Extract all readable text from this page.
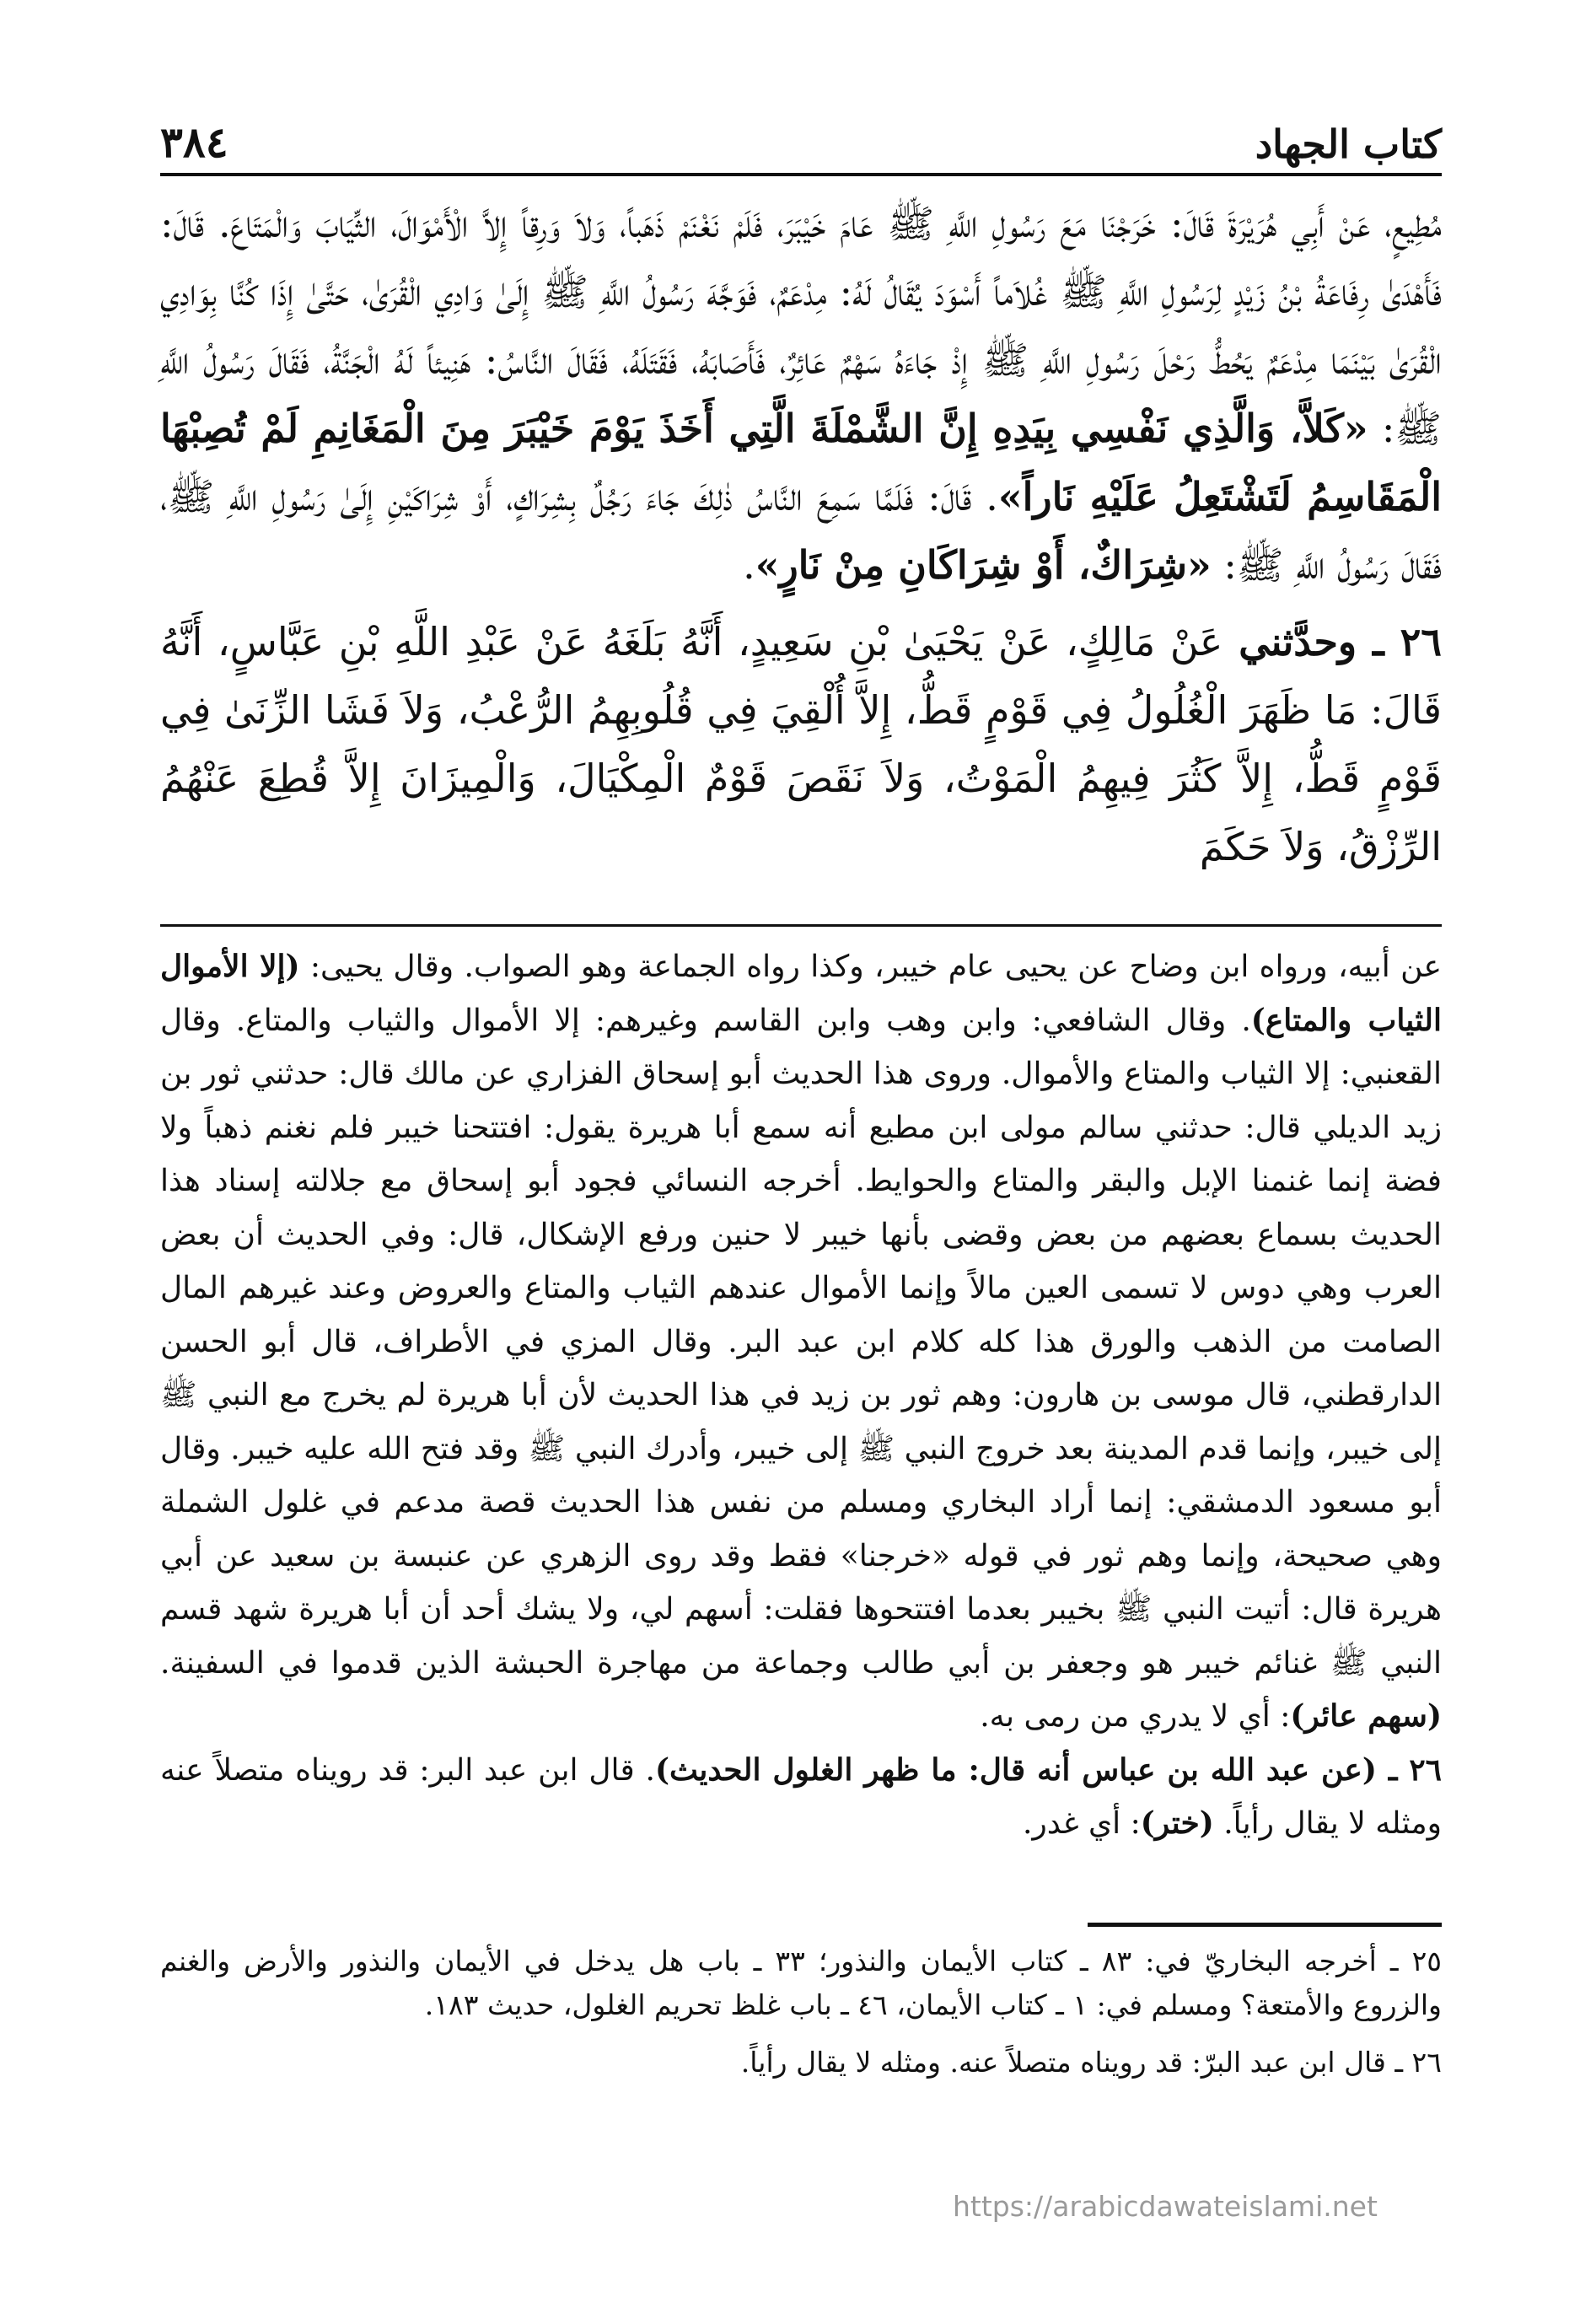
٣٨٤	كتاب الجهاد

مُطِيعٍ، عَنْ أَبِي هُرَيْرَةَ قَالَ: خَرَجْنَا مَعَ رَسُولِ اللَّهِ ﷺ عَامَ خَيْبَرَ، فَلَمْ نَغْنَمْ ذَهَباً، وَلاَ وَرِقاً إِلاَّ الْأَمْوَالَ، الثِّيَابَ وَالْمَتَاعَ. قَالَ: فَأَهْدَىٰ رِفَاعَةُ بْنُ زَيْدٍ لِرَسُولِ اللَّهِ ﷺ غُلاَماً أَسْوَدَ يُقَالُ لَهُ: مِدْعَمٌ، فَوَجَّهَ رَسُولُ اللَّهِ ﷺ إِلَىٰ وَادِي الْقُرَىٰ، حَتَّىٰ إِذَا كُنَّا بِوَادِي الْقُرَىٰ بَيْنَمَا مِدْعَمٌ يَحُطُّ رَحْلَ رَسُولِ اللَّهِ ﷺ إِذْ جَاءَهُ سَهْمٌ عَائِرٌ، فَأَصَابَهُ، فَقَتَلَهُ، فَقَالَ النَّاسُ: هَنِيئاً لَهُ الْجَنَّةُ، فَقَالَ رَسُولُ اللَّهِ ﷺ: «كَلاَّ، وَالَّذِي نَفْسِي بِيَدِهِ إِنَّ الشَّمْلَةَ الَّتِي أَخَذَ يَوْمَ خَيْبَرَ مِنَ الْمَغَانِمِ لَمْ تُصِبْهَا الْمَقَاسِمُ لَتَشْتَعِلُ عَلَيْهِ نَاراً». قَالَ: فَلَمَّا سَمِعَ النَّاسُ ذٰلِكَ جَاءَ رَجُلٌ بِشِرَاكٍ، أَوْ شِرَاكَيْنِ إِلَىٰ رَسُولِ اللَّهِ ﷺ، فَقَالَ رَسُولُ اللَّهِ ﷺ: «شِرَاكٌ، أَوْ شِرَاكَانِ مِنْ نَارٍ».

٢٦ ـ وحدَّثني عَنْ مَالِكٍ، عَنْ يَحْيَىٰ بْنِ سَعِيدٍ، أَنَّهُ بَلَغَهُ عَنْ عَبْدِ اللَّهِ بْنِ عَبَّاسٍ، أَنَّهُ قَالَ: مَا ظَهَرَ الْغُلُولُ فِي قَوْمٍ قَطُّ، إِلاَّ أُلْقِيَ فِي قُلُوبِهِمُ الرُّعْبُ، وَلاَ فَشَا الزِّنَىٰ فِي قَوْمٍ قَطُّ، إِلاَّ كَثُرَ فِيهِمُ الْمَوْتُ، وَلاَ نَقَصَ قَوْمٌ الْمِكْيَالَ، وَالْمِيزَانَ إِلاَّ قُطِعَ عَنْهُمُ الرِّزْقُ، وَلاَ حَكَمَ

عن أبيه، ورواه ابن وضاح عن يحيى عام خيبر، وكذا رواه الجماعة وهو الصواب. وقال يحيى: (إلا الأموال الثياب والمتاع). وقال الشافعي: وابن وهب وابن القاسم وغيرهم: إلا الأموال والثياب والمتاع. وقال القعنبي: إلا الثياب والمتاع والأموال. وروى هذا الحديث أبو إسحاق الفزاري عن مالك قال: حدثني ثور بن زيد الديلي قال: حدثني سالم مولى ابن مطيع أنه سمع أبا هريرة يقول: افتتحنا خيبر فلم نغنم ذهباً ولا فضة إنما غنمنا الإبل والبقر والمتاع والحوايط. أخرجه النسائي فجود أبو إسحاق مع جلالته إسناد هذا الحديث بسماع بعضهم من بعض وقضى بأنها خيبر لا حنين ورفع الإشكال، قال: وفي الحديث أن بعض العرب وهي دوس لا تسمى العين مالاً وإنما الأموال عندهم الثياب والمتاع والعروض وعند غيرهم المال الصامت من الذهب والورق هذا كله كلام ابن عبد البر. وقال المزي في الأطراف، قال أبو الحسن الدارقطني، قال موسى بن هارون: وهم ثور بن زيد في هذا الحديث لأن أبا هريرة لم يخرج مع النبي ﷺ إلى خيبر، وإنما قدم المدينة بعد خروج النبي ﷺ إلى خيبر، وأدرك النبي ﷺ وقد فتح الله عليه خيبر. وقال أبو مسعود الدمشقي: إنما أراد البخاري ومسلم من نفس هذا الحديث قصة مدعم في غلول الشملة وهي صحيحة، وإنما وهم ثور في قوله «خرجنا» فقط وقد روى الزهري عن عنبسة بن سعيد عن أبي هريرة قال: أتيت النبي ﷺ بخيبر بعدما افتتحوها فقلت: أسهم لي، ولا يشك أحد أن أبا هريرة شهد قسم النبي ﷺ غنائم خيبر هو وجعفر بن أبي طالب وجماعة من مهاجرة الحبشة الذين قدموا في السفينة. (سهم عائر): أي لا يدري من رمى به.

٢٦ ـ (عن عبد الله بن عباس أنه قال: ما ظهر الغلول الحديث). قال ابن عبد البر: قد رويناه متصلاً عنه ومثله لا يقال رأياً. (ختر): أي غدر.

٢٥ ـ أخرجه البخاريّ في: ٨٣ ـ كتاب الأيمان والنذور؛ ٣٣ ـ باب هل يدخل في الأيمان والنذور والأرض والغنم والزروع والأمتعة؟ ومسلم في: ١ ـ كتاب الأيمان، ٤٦ ـ باب غلظ تحريم الغلول، حديث ١٨٣.

٢٦ ـ قال ابن عبد البرّ: قد رويناه متصلاً عنه. ومثله لا يقال رأياً.

https://arabicdawateislami.net
